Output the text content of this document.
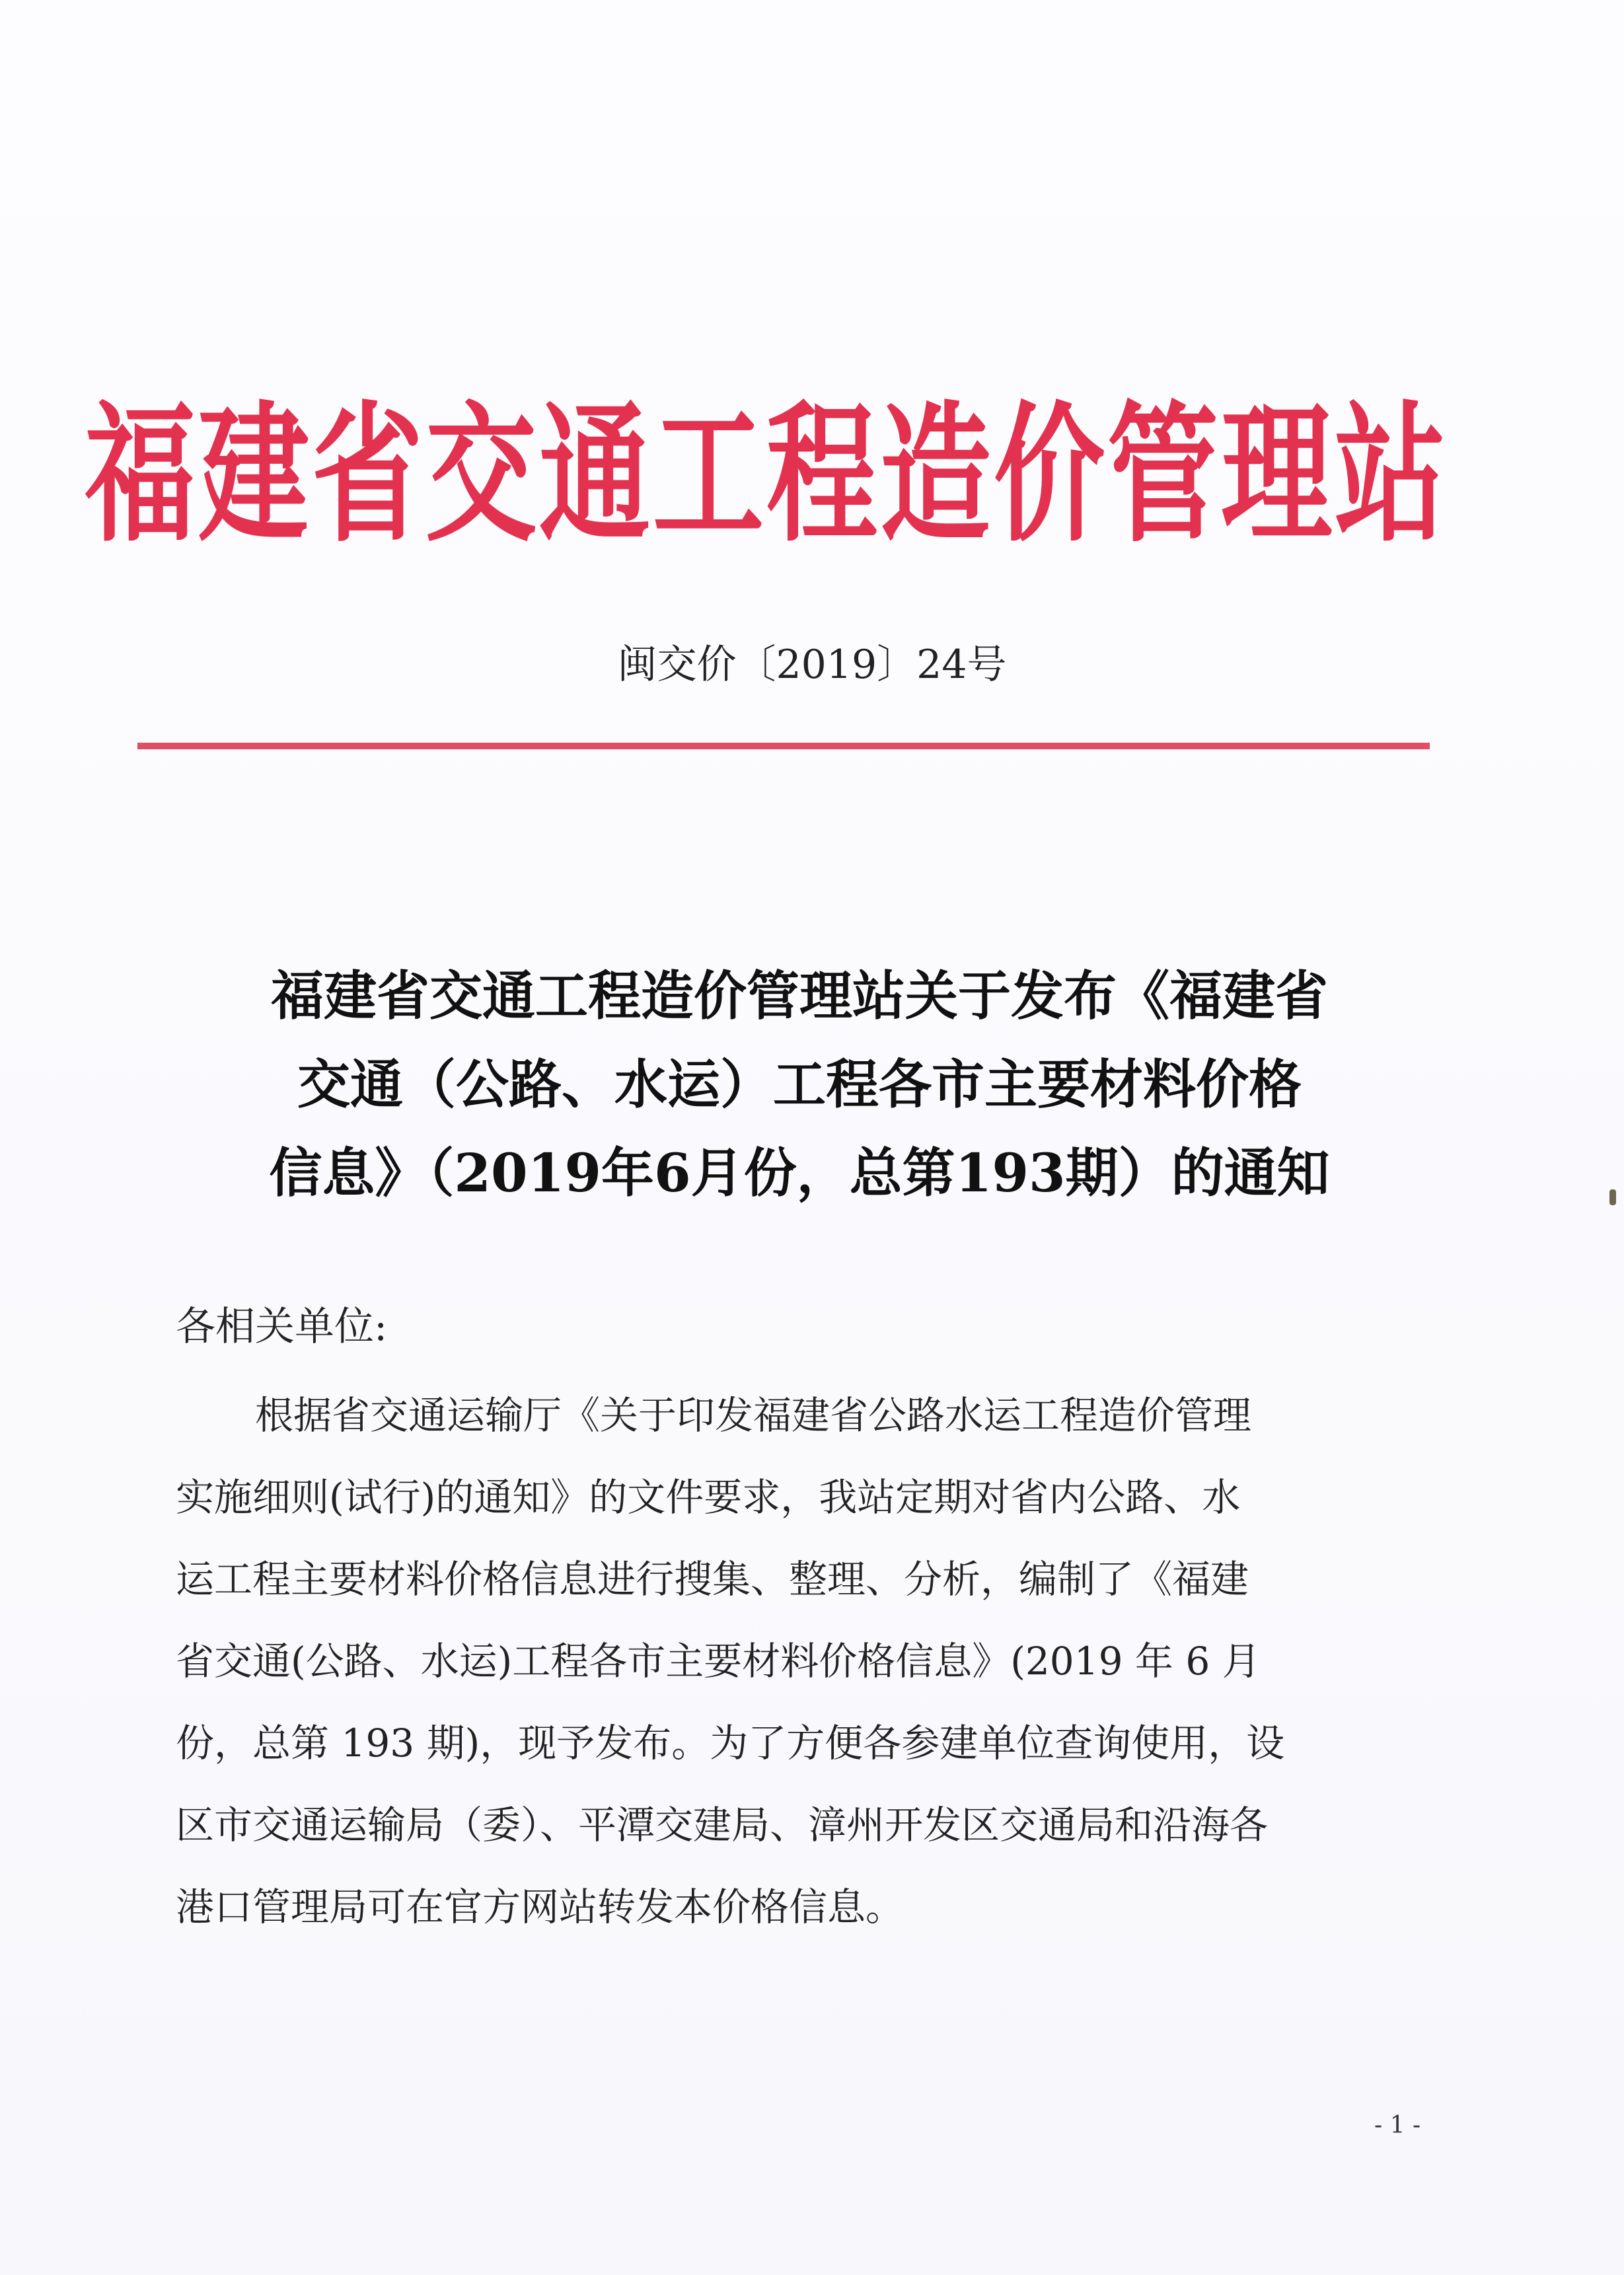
福建省交通工程造价管理站
闽交价〔2019〕24号
福建省交通工程造价管理站关于发布《福建省
交通（公路、水运）工程各市主要材料价格
信息》（2019年6月份，总第193期）的通知
各相关单位:
根据省交通运输厅《关于印发福建省公路水运工程造价管理
实施细则(试行)的通知》的文件要求，我站定期对省内公路、水
运工程主要材料价格信息进行搜集、整理、分析，编制了《福建
省交通(公路、水运)工程各市主要材料价格信息》(2019 年 6 月
份，总第 193 期)，现予发布。为了方便各参建单位查询使用，设
区市交通运输局（委）、平潭交建局、漳州开发区交通局和沿海各
港口管理局可在官方网站转发本价格信息。
- 1 -
